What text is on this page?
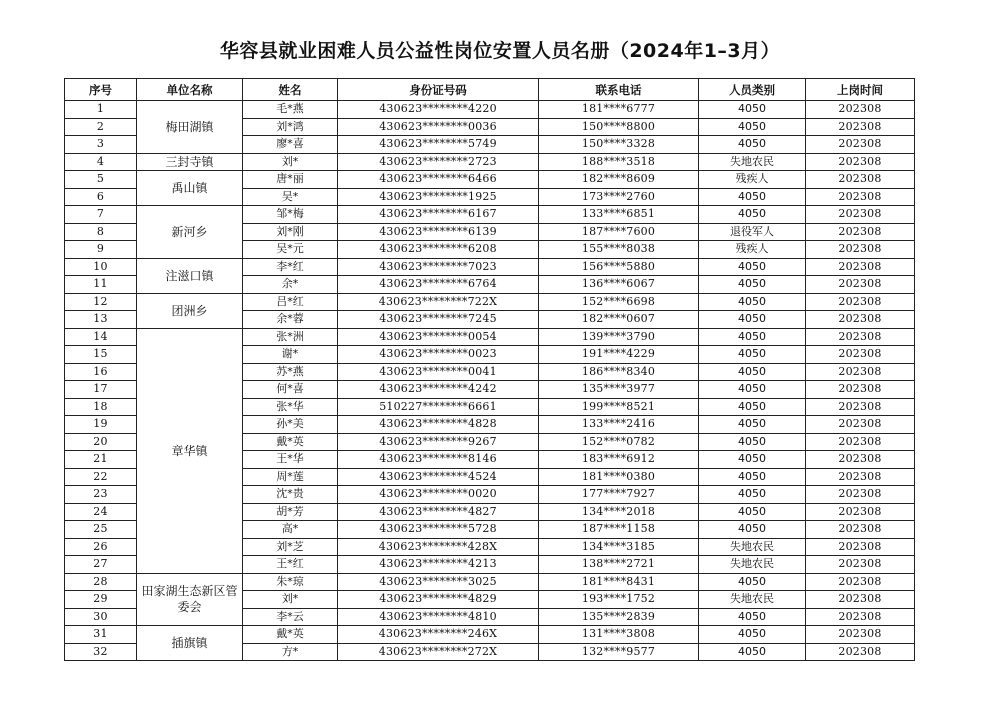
华容县就业困难人员公益性岗位安置人员名册（2024年1–3月）
序号	单位名称	姓名	身份证号码	联系电话	人员类别	上岗时间
1	梅田湖镇	毛*燕	430623********4220	181****6777	4050	202308
2		刘*鸿	430623********0036	150****8800	4050	202308
3		廖*喜	430623********5749	150****3328	4050	202308
4	三封寺镇	刘*	430623********2723	188****3518	失地农民	202308
5	禹山镇	唐*丽	430623********6466	182****8609	残疾人	202308
6		吴*	430623********1925	173****2760	4050	202308
7	新河乡	邹*梅	430623********6167	133****6851	4050	202308
8		刘*刚	430623********6139	187****7600	退役军人	202308
9		吴*元	430623********6208	155****8038	残疾人	202308
10	注滋口镇	李*红	430623********7023	156****5880	4050	202308
11		余*	430623********6764	136****6067	4050	202308
12	团洲乡	吕*红	430623********722X	152****6698	4050	202308
13		余*蓉	430623********7245	182****0607	4050	202308
14	章华镇	张*洲	430623********0054	139****3790	4050	202308
15		谢*	430623********0023	191****4229	4050	202308
16		苏*燕	430623********0041	186****8340	4050	202308
17		何*喜	430623********4242	135****3977	4050	202308
18		张*华	510227********6661	199****8521	4050	202308
19		孙*美	430623********4828	133****2416	4050	202308
20		戴*英	430623********9267	152****0782	4050	202308
21		王*华	430623********8146	183****6912	4050	202308
22		周*莲	430623********4524	181****0380	4050	202308
23		沈*贵	430623********0020	177****7927	4050	202308
24		胡*芳	430623********4827	134****2018	4050	202308
25		高*	430623********5728	187****1158	4050	202308
26		刘*芝	430623********428X	134****3185	失地农民	202308
27		王*红	430623********4213	138****2721	失地农民	202308
28	田家湖生态新区管委会	朱*琼	430623********3025	181****8431	4050	202308
29		刘*	430623********4829	193****1752	失地农民	202308
30		李*云	430623********4810	135****2839	4050	202308
31	插旗镇	戴*英	430623********246X	131****3808	4050	202308
32		方*	430623********272X	132****9577	4050	202308
